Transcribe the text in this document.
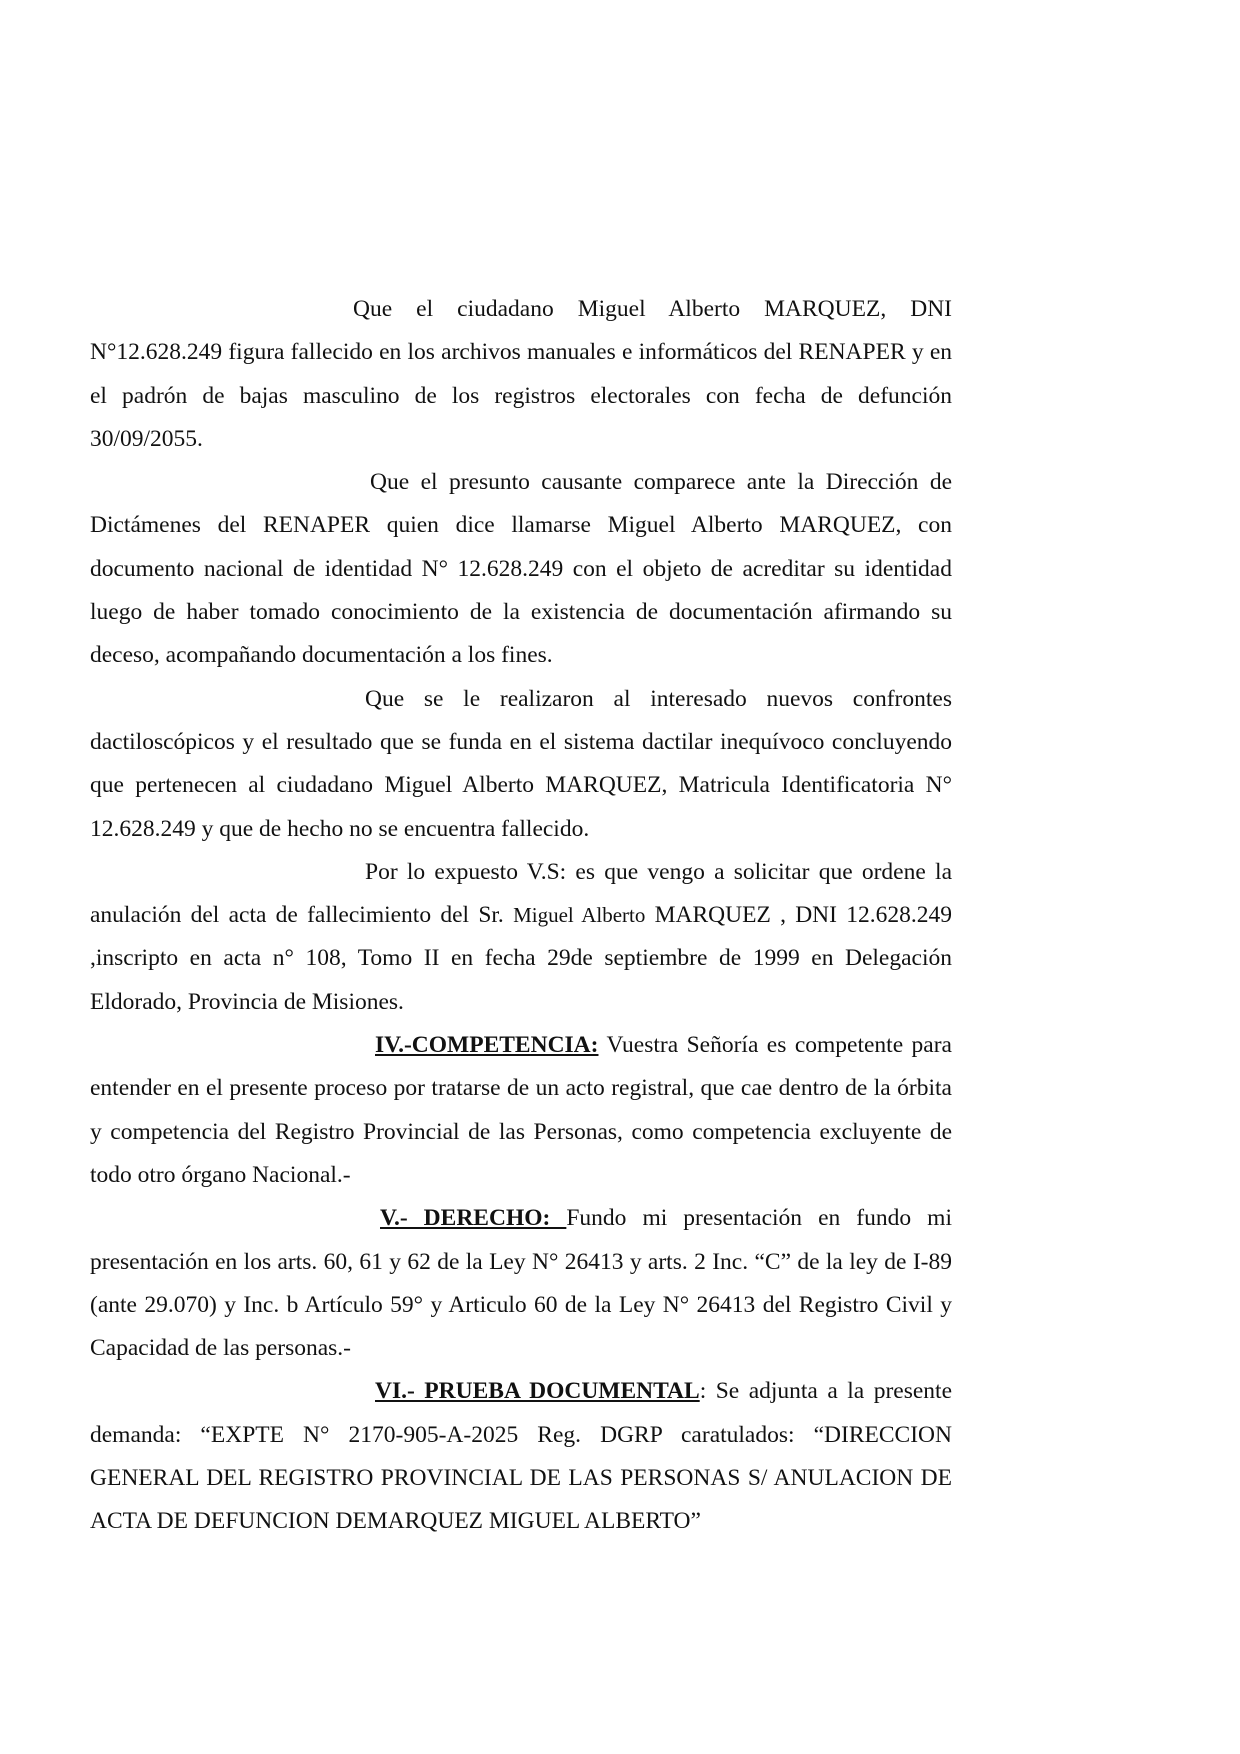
Que el ciudadano Miguel Alberto MARQUEZ, DNI N°12.628.249 figura fallecido en los archivos manuales e informáticos del RENAPER y en el padrón de bajas masculino de los registros electorales con fecha de defunción 30/09/2055.

Que el presunto causante comparece ante la Dirección de Dictámenes del RENAPER quien dice llamarse Miguel Alberto MARQUEZ, con documento nacional de identidad N° 12.628.249 con el objeto de acreditar su identidad luego de haber tomado conocimiento de la existencia de documentación afirmando su deceso, acompañando documentación a los fines.

Que se le realizaron al interesado nuevos confrontes dactiloscópicos y el resultado que se funda en el sistema dactilar inequívoco concluyendo que pertenecen al ciudadano Miguel Alberto MARQUEZ, Matricula Identificatoria N° 12.628.249 y que de hecho no se encuentra fallecido.

Por lo expuesto V.S: es que vengo a solicitar que ordene la anulación del acta de fallecimiento del Sr. Miguel Alberto MARQUEZ , DNI 12.628.249 ,inscripto en acta n° 108, Tomo II en fecha 29de septiembre de 1999 en Delegación Eldorado, Provincia de Misiones.

IV.-COMPETENCIA: Vuestra Señoría es competente para entender en el presente proceso por tratarse de un acto registral, que cae dentro de la órbita y competencia del Registro Provincial de las Personas, como competencia excluyente de todo otro órgano Nacional.-

V.- DERECHO: Fundo mi presentación en fundo mi presentación en los arts. 60, 61 y 62 de la Ley N° 26413 y arts. 2 Inc. “C” de la ley de I-89 (ante 29.070) y Inc. b Artículo 59° y Articulo 60 de la Ley N° 26413 del Registro Civil y Capacidad de las personas.-

VI.- PRUEBA DOCUMENTAL: Se adjunta a la presente demanda: “EXPTE N° 2170-905-A-2025 Reg. DGRP caratulados: “DIRECCION GENERAL DEL REGISTRO PROVINCIAL DE LAS PERSONAS S/ ANULACION DE ACTA DE DEFUNCION DEMARQUEZ MIGUEL ALBERTO”
